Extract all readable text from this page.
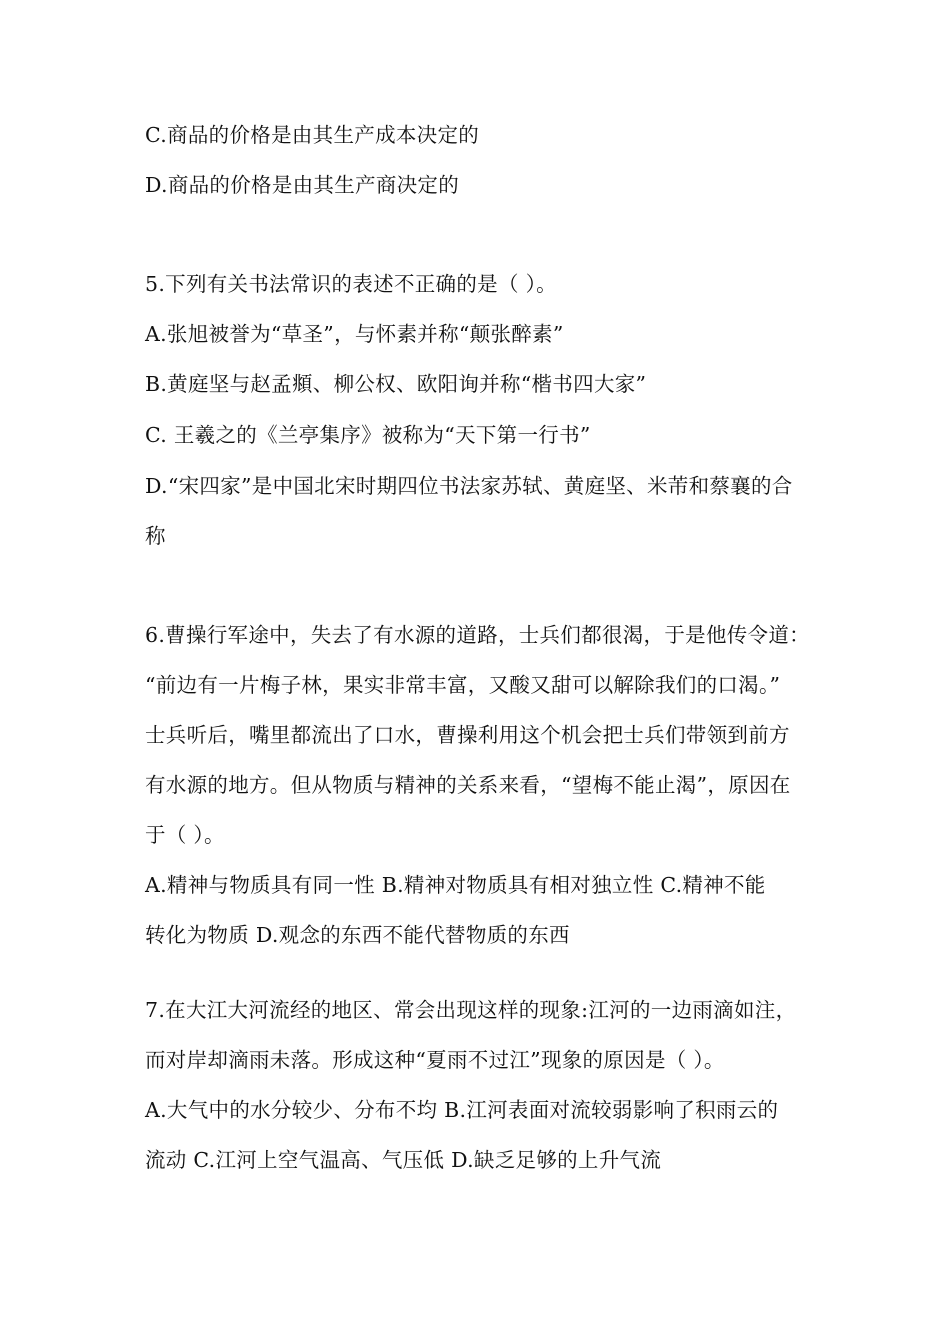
C.商品的价格是由其生产成本决定的
D.商品的价格是由其生产商决定的
5.下列有关书法常识的表述不正确的是（ ）。
A.张旭被誉为“草圣”，与怀素并称“颠张醉素”
B.黄庭坚与赵孟頫、柳公权、欧阳询并称“楷书四大家”
C. 王羲之的《兰亭集序》被称为“天下第一行书”
D.“宋四家”是中国北宋时期四位书法家苏轼、黄庭坚、米芾和蔡襄的合
称
6.曹操行军途中，失去了有水源的道路，士兵们都很渴，于是他传令道：
“前边有一片梅子林，果实非常丰富，又酸又甜可以解除我们的口渴。”
士兵听后，嘴里都流出了口水，曹操利用这个机会把士兵们带领到前方
有水源的地方。但从物质与精神的关系来看，“望梅不能止渴”，原因在
于（ ）。
A.精神与物质具有同一性 B.精神对物质具有相对独立性 C.精神不能
转化为物质 D.观念的东西不能代替物质的东西
7.在大江大河流经的地区、常会出现这样的现象:江河的一边雨滴如注，
而对岸却滴雨未落。形成这种“夏雨不过江”现象的原因是（ ）。
A.大气中的水分较少、分布不均 B.江河表面对流较弱影响了积雨云的
流动 C.江河上空气温高、气压低 D.缺乏足够的上升气流
